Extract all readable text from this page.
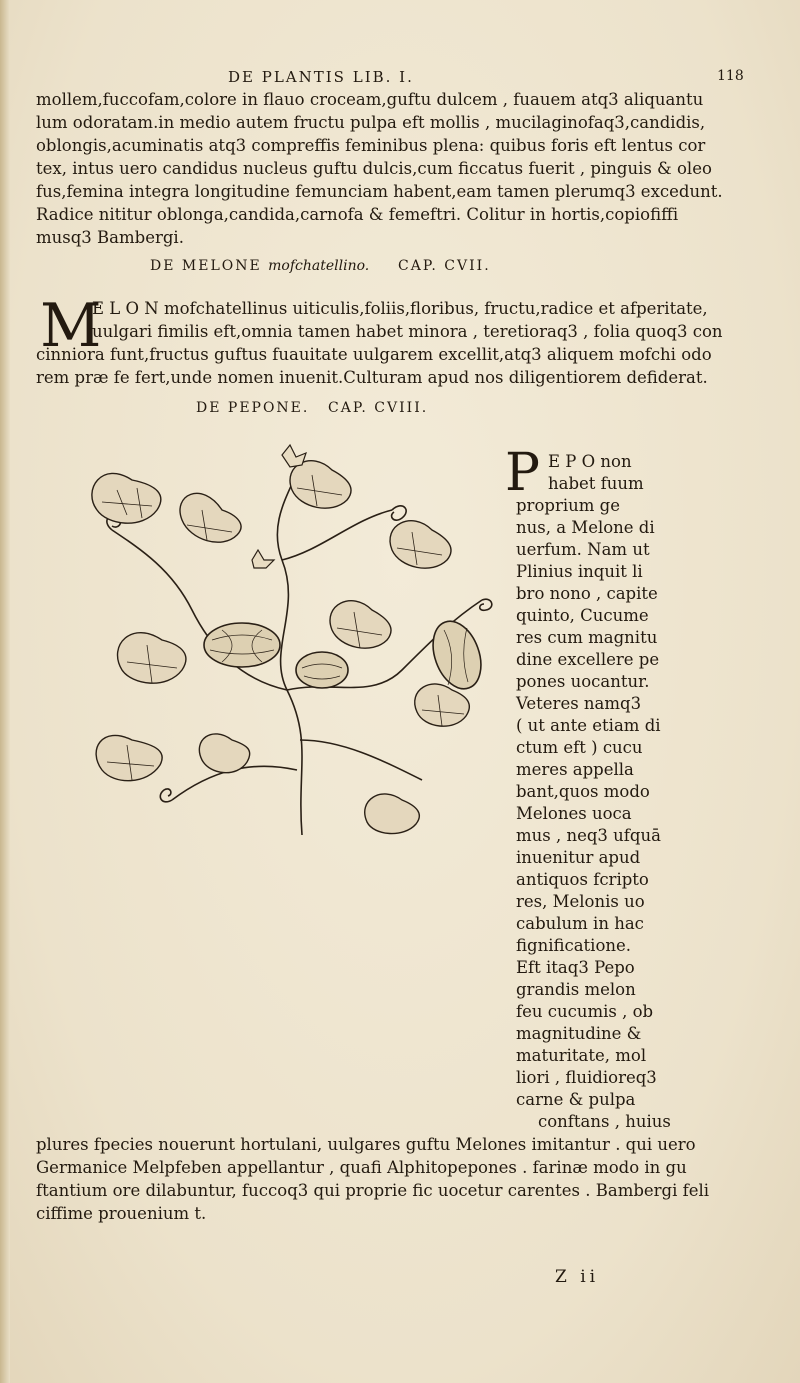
DE PLANTIS LIB. I.	118
mollem,fuccofam,colore in flauo croceam,guftu dulcem , fuauem atq3 aliquantu
lum odoratam.in medio autem fructu pulpa eft mollis , mucilaginofaq3,candidis,
oblongis,acuminatis atq3 compreffis feminibus plena: quibus foris eft lentus cor
tex, intus uero candidus nucleus guftu dulcis,cum ficcatus fuerit , pinguis & oleo
fus,femina integra longitudine femunciam habent,eam tamen plerumq3 excedunt.
Radice nititur oblonga,candida,carnofa & femeftri. Colitur in hortis,copiofiffi
musq3 Bambergi.
DE MELONE mofchatellino. CAP. CVII.
M
E L O N mofchatellinus uiticulis,foliis,floribus, fructu,radice et afperitate,
uulgari fimilis eft,omnia tamen habet minora , teretioraq3 , folia quoq3 con
cinniora funt,fructus guftus fuauitate uulgarem excellit,atq3 aliquem mofchi odo
rem præ fe fert,unde nomen inuenit.Culturam apud nos diligentiorem defiderat.
DE PEPONE. CAP. CVIII.
P E P O non
habet fuum
proprium ge
nus, a Melone di
uerfum. Nam ut
Plinius inquit li
bro nono , capite
quinto, Cucume
res cum magnitu
dine excellere pe
pones uocantur.
Veteres namq3
( ut ante etiam di
ctum eft ) cucu
meres appella
bant,quos modo
Melones uoca
mus , neq3 ufquā
inuenitur apud
antiquos fcripto
res, Melonis uo
cabulum in hac
fignificatione.
Eft itaq3 Pepo
grandis melon
feu cucumis , ob
magnitudine &
maturitate, mol
liori , fluidioreq3
carne & pulpa
conftans , huius
plures fpecies nouerunt hortulani, uulgares guftu Melones imitantur . qui uero
Germanice Melpfeben appellantur , quafi Alphitopepones . farinæ modo in gu
ftantium ore dilabuntur, fuccoq3 qui proprie fic uocetur carentes . Bambergi feli
ciffime prouenium t.
Z ii
